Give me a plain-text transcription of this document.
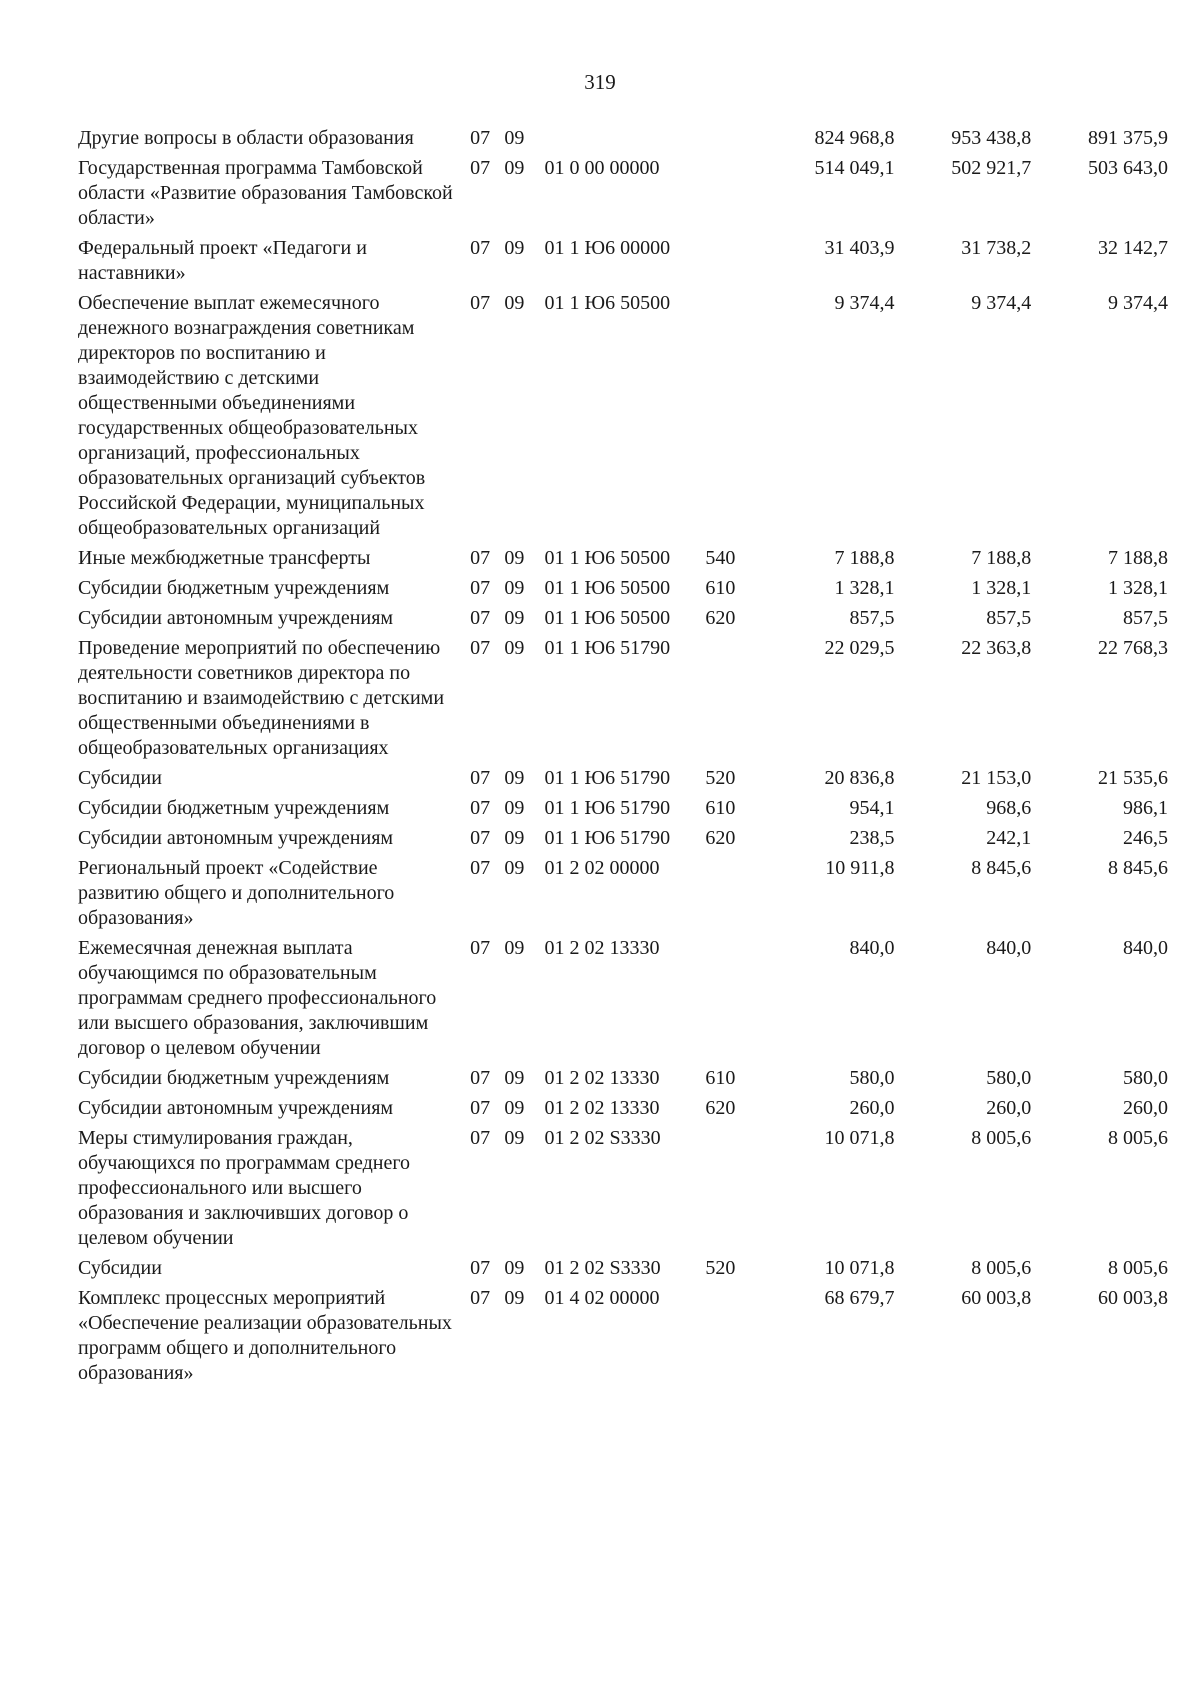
319
Другие вопросы в области образования	07	09			824 968,8	953 438,8	891 375,9
Государственная программа Тамбовской области «Развитие образования Тамбовской области»	07	09	01 0 00 00000		514 049,1	502 921,7	503 643,0
Федеральный проект «Педагоги и наставники»	07	09	01 1 Ю6 00000		31 403,9	31 738,2	32 142,7
Обеспечение выплат ежемесячного денежного вознаграждения советникам директоров по воспитанию и взаимодействию с детскими общественными объединениями государственных общеобразовательных организаций, профессиональных образовательных организаций субъектов Российской Федерации, муниципальных общеобразовательных организаций	07	09	01 1 Ю6 50500		9 374,4	9 374,4	9 374,4
Иные межбюджетные трансферты	07	09	01 1 Ю6 50500	540	7 188,8	7 188,8	7 188,8
Субсидии бюджетным учреждениям	07	09	01 1 Ю6 50500	610	1 328,1	1 328,1	1 328,1
Субсидии автономным учреждениям	07	09	01 1 Ю6 50500	620	857,5	857,5	857,5
Проведение мероприятий по обеспечению деятельности советников директора по воспитанию и взаимодействию с детскими общественными объединениями в общеобразовательных организациях	07	09	01 1 Ю6 51790		22 029,5	22 363,8	22 768,3
Субсидии	07	09	01 1 Ю6 51790	520	20 836,8	21 153,0	21 535,6
Субсидии бюджетным учреждениям	07	09	01 1 Ю6 51790	610	954,1	968,6	986,1
Субсидии автономным учреждениям	07	09	01 1 Ю6 51790	620	238,5	242,1	246,5
Региональный проект «Содействие развитию общего и дополнительного образования»	07	09	01 2 02 00000		10 911,8	8 845,6	8 845,6
Ежемесячная денежная выплата обучающимся по образовательным программам среднего профессионального или высшего образования, заключившим договор о целевом обучении	07	09	01 2 02 13330		840,0	840,0	840,0
Субсидии бюджетным учреждениям	07	09	01 2 02 13330	610	580,0	580,0	580,0
Субсидии автономным учреждениям	07	09	01 2 02 13330	620	260,0	260,0	260,0
Меры стимулирования граждан, обучающихся по программам среднего профессионального или высшего образования и заключивших договор о целевом обучении	07	09	01 2 02 S3330		10 071,8	8 005,6	8 005,6
Субсидии	07	09	01 2 02 S3330	520	10 071,8	8 005,6	8 005,6
Комплекс процессных мероприятий «Обеспечение реализации образовательных программ общего и дополнительного образования»	07	09	01 4 02 00000		68 679,7	60 003,8	60 003,8
